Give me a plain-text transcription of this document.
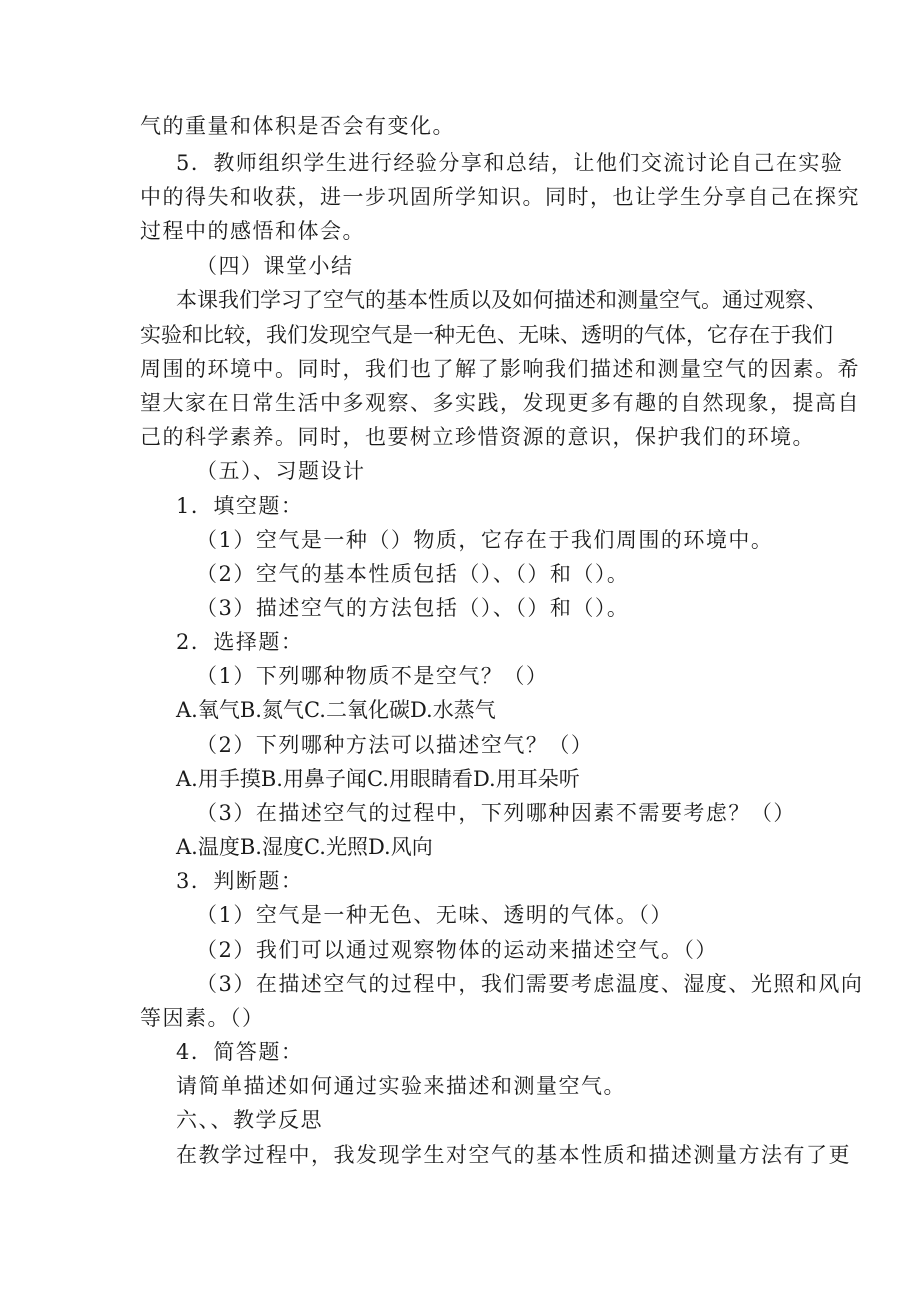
气的重量和体积是否会有变化。
5．教师组织学生进行经验分享和总结，让他们交流讨论自己在实验
中的得失和收获，进一步巩固所学知识。同时，也让学生分享自己在探究
过程中的感悟和体会。
（四）课堂小结
本课我们学习了空气的基本性质以及如何描述和测量空气。通过观察、
实验和比较，我们发现空气是一种无色、无味、透明的气体，它存在于我们
周围的环境中。同时，我们也了解了影响我们描述和测量空气的因素。希
望大家在日常生活中多观察、多实践，发现更多有趣的自然现象，提高自
己的科学素养。同时，也要树立珍惜资源的意识，保护我们的环境。
（五）、习题设计
1．填空题：
（1）空气是一种（）物质，它存在于我们周围的环境中。
（2）空气的基本性质包括（）、（）和（）。
（3）描述空气的方法包括（）、（）和（）。
2．选择题：
（1）下列哪种物质不是空气？（）
A.氧气B.氮气C.二氧化碳D.水蒸气
（2）下列哪种方法可以描述空气？（）
A.用手摸B.用鼻子闻C.用眼睛看D.用耳朵听
（3）在描述空气的过程中，下列哪种因素不需要考虑？（）
A.温度B.湿度C.光照D.风向
3．判断题：
（1）空气是一种无色、无味、透明的气体。（）
（2）我们可以通过观察物体的运动来描述空气。（）
（3）在描述空气的过程中，我们需要考虑温度、湿度、光照和风向
等因素。（）
4．简答题：
请简单描述如何通过实验来描述和测量空气。
六、、教学反思
在教学过程中，我发现学生对空气的基本性质和描述测量方法有了更
